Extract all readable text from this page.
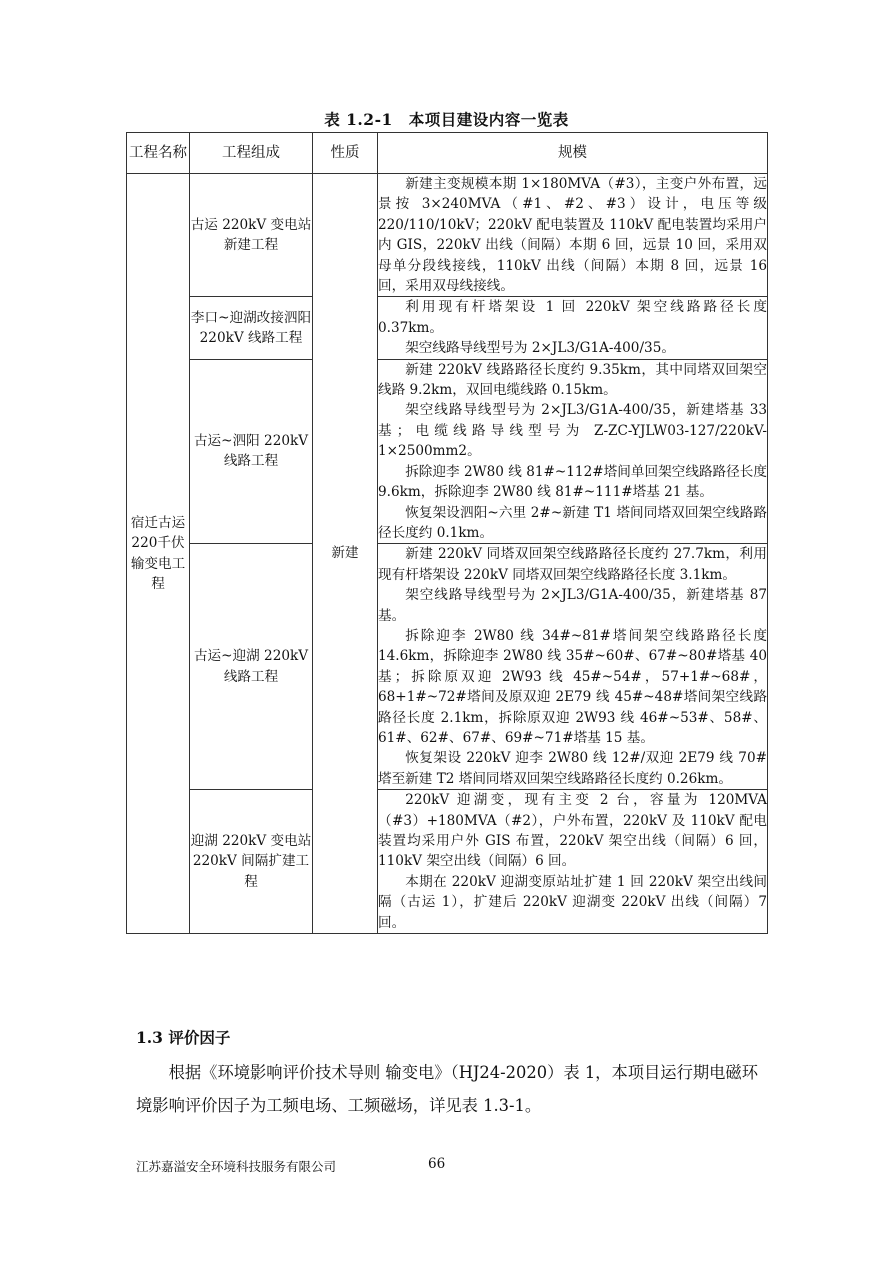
表 1.2-1　本项目建设内容一览表
工程名称	工程组成	性质	规模
宿迁古运220千伏输变电工程	古运 220kV 变电站新建工程	新建	新建主变规模本期 1×180MVA（#3），主变户外布置，远景按 3×240MVA（#1、#2、#3）设计，电压等级 220/110/10kV；220kV 配电装置及 110kV 配电装置均采用户内 GIS，220kV 出线（间隔）本期 6 回，远景 10 回，采用双母单分段线接线，110kV 出线（间隔）本期 8 回，远景 16 回，采用双母线接线。

	李口~迎湖改接泗阳 220kV 线路工程		利用现有杆塔架设 1 回 220kV 架空线路路径长度 0.37km。
架空线路导线型号为 2×JL3/G1A-400/35。

	古运~泗阳 220kV 线路工程		新建 220kV 线路路径长度约 9.35km，其中同塔双回架空线路 9.2km，双回电缆线路 0.15km。
架空线路导线型号为 2×JL3/G1A-400/35，新建塔基 33 基；电缆线路导线型号为 Z-ZC-YJLW03-127/220kV-1×2500mm2。
拆除迎李 2W80 线 81#~112#塔间单回架空线路路径长度 9.6km，拆除迎李 2W80 线 81#~111#塔基 21 基。
恢复架设泗阳~六里 2#~新建 T1 塔间同塔双回架空线路路径长度约 0.1km。

	古运~迎湖 220kV 线路工程		新建 220kV 同塔双回架空线路路径长度约 27.7km，利用现有杆塔架设 220kV 同塔双回架空线路路径长度 3.1km。
架空线路导线型号为 2×JL3/G1A-400/35，新建塔基 87 基。
拆除迎李 2W80 线 34#~81#塔间架空线路路径长度 14.6km，拆除迎李 2W80 线 35#~60#、67#~80#塔基 40 基；拆除原双迎 2W93 线 45#~54#，57+1#~68#，68+1#~72#塔间及原双迎 2E79 线 45#~48#塔间架空线路路径长度 2.1km，拆除原双迎 2W93 线 46#~53#、58#、61#、62#、67#、69#~71#塔基 15 基。
恢复架设 220kV 迎李 2W80 线 12#/双迎 2E79 线 70#塔至新建 T2 塔间同塔双回架空线路路径长度约 0.26km。

	迎湖 220kV 变电站 220kV 间隔扩建工程		220kV 迎湖变，现有主变 2 台，容量为 120MVA（#3）+180MVA（#2），户外布置，220kV 及 110kV 配电装置均采用户外 GIS 布置，220kV 架空出线（间隔）6 回，110kV 架空出线（间隔）6 回。
本期在 220kV 迎湖变原站址扩建 1 回 220kV 架空出线间隔（古运 1），扩建后 220kV 迎湖变 220kV 出线（间隔）7 回。
1.3 评价因子
根据《环境影响评价技术导则 输变电》（HJ24-2020）表 1，本项目运行期电磁环境影响评价因子为工频电场、工频磁场，详见表 1.3-1。
江苏嘉溢安全环境科技服务有限公司	66
